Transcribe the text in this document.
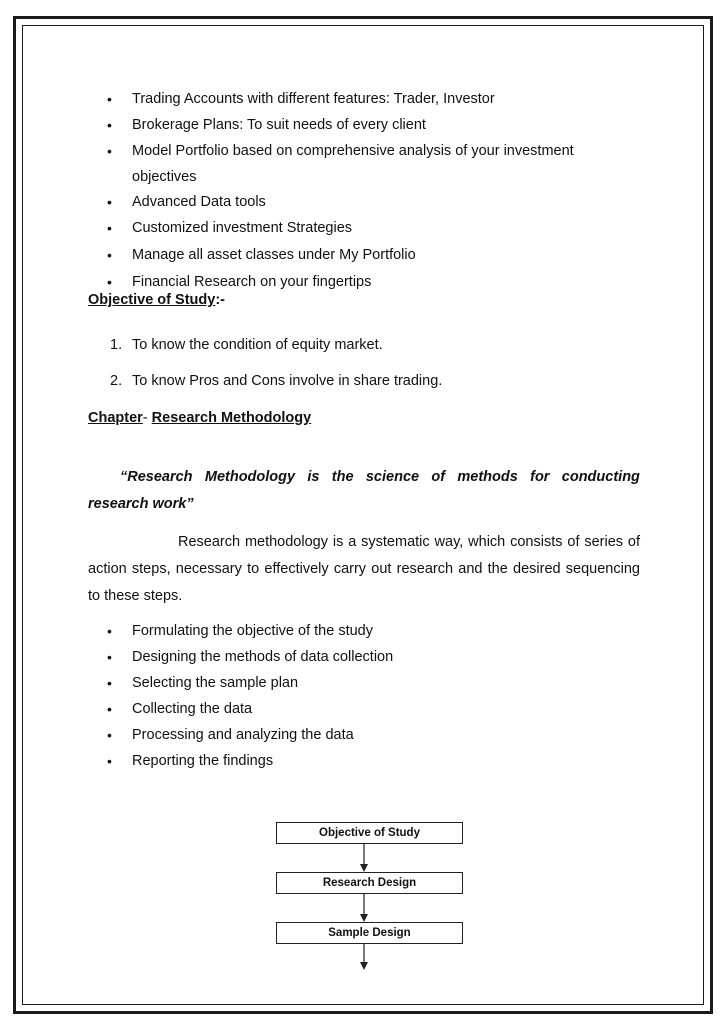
• Trading Accounts with different features: Trader, Investor
• Brokerage Plans: To suit needs of every client
• Model Portfolio based on comprehensive analysis of your investment
objectives
• Advanced Data tools
• Customized investment Strategies
• Manage all asset classes under My Portfolio
• Financial Research on your fingertips
Objective of Study:-
1. To know the condition of equity market.
2. To know Pros and Cons involve in share trading.
Chapter- Research Methodology
“Research Methodology is the science of methods for conducting
research work”
Research methodology is a systematic way, which consists of series of
action steps, necessary to effectively carry out research and the desired sequencing
to these steps.
• Formulating the objective of the study
• Designing the methods of data collection
• Selecting the sample plan
• Collecting the data
• Processing and analyzing the data
• Reporting the findings
Objective of Study
Research Design
Sample Design
